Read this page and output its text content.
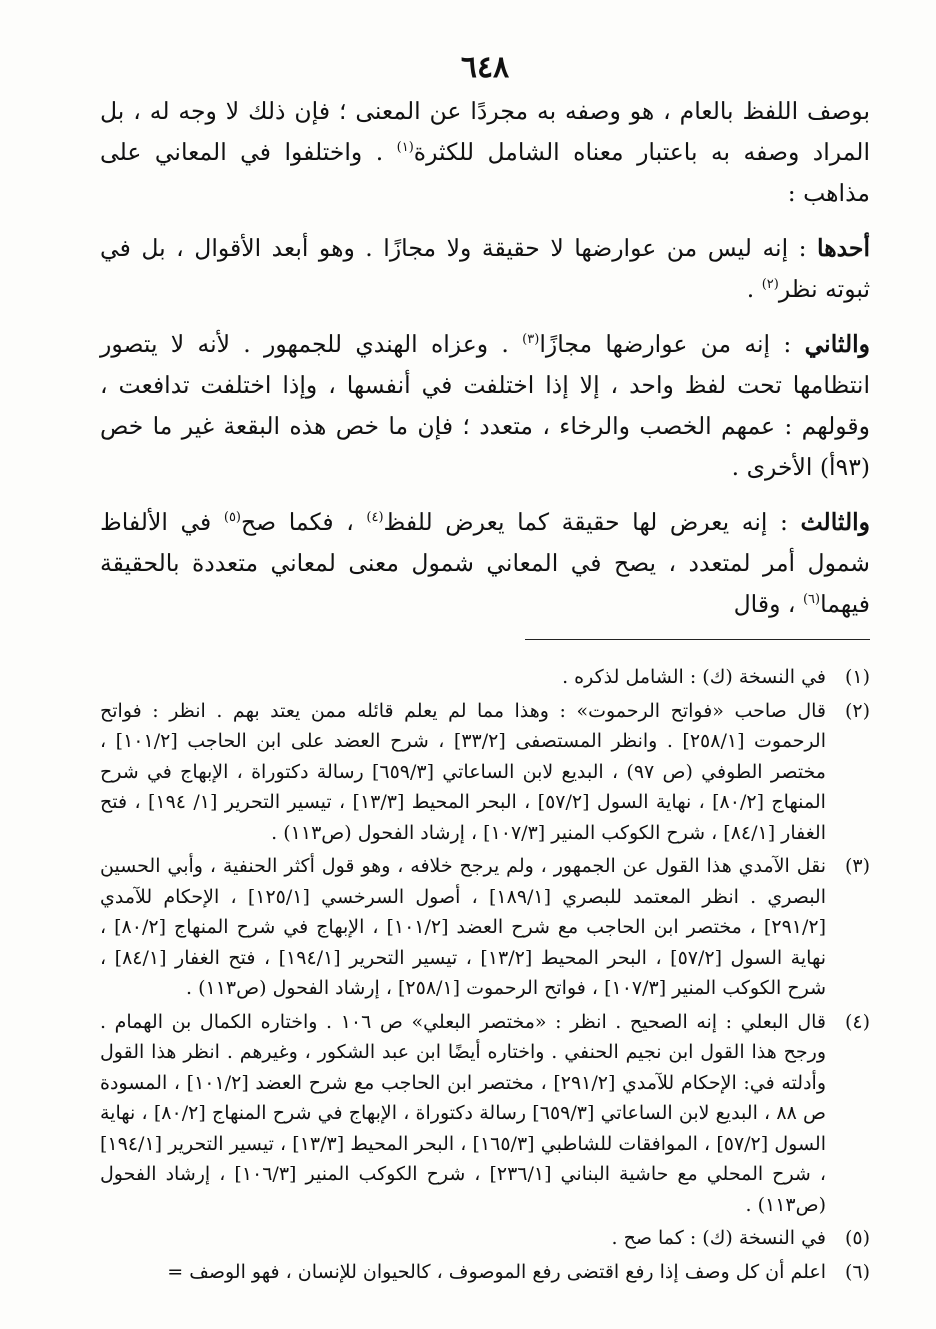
٦٤٨

بوصف اللفظ بالعام ، هو وصفه به مجردًا عن المعنى ؛ فإن ذلك لا وجه له ، بل المراد وصفه به باعتبار معناه الشامل للكثرة$^{(١)}$ . واختلفوا في المعاني على مذاهب :

أحدها : إنه ليس من عوارضها لا حقيقة ولا مجازًا . وهو أبعد الأقوال ، بل في ثبوته نظر$^{(٢)}$ .

والثاني : إنه من عوارضها مجازًا$^{(٣)}$ . وعزاه الهندي للجمهور . لأنه لا يتصور انتظامها تحت لفظ واحد ، إلا إذا اختلفت في أنفسها ، وإذا اختلفت تدافعت ، وقولهم : عمهم الخصب والرخاء ، متعدد ؛ فإن ما خص هذه البقعة غير ما خص (٩٣أ) الأخرى .

والثالث : إنه يعرض لها حقيقة كما يعرض للفظ$^{(٤)}$ ، فكما صح$^{(٥)}$ في الألفاظ شمول أمر لمتعدد ، يصح في المعاني شمول معنى لمعاني متعددة بالحقيقة فيهما$^{(٦)}$ ، وقال

(١)
في النسخة (ك) : الشامل لذكره .
(٢)
قال صاحب «فواتح الرحموت» : وهذا مما لم يعلم قائله ممن يعتد بهم . انظر : فواتح الرحموت [٢٥٨/١] . وانظر المستصفى [٣٣/٢] ، شرح العضد على ابن الحاجب [١٠١/٢] ، مختصر الطوفي (ص ٩٧) ، البديع لابن الساعاتي [٦٥٩/٣] رسالة دكتوراة ، الإبهاج في شرح المنهاج [٨٠/٢] ، نهاية السول [٥٧/٢] ، البحر المحيط [١٣/٣] ، تيسير التحرير [١/ ١٩٤] ، فتح الغفار [٨٤/١] ، شرح الكوكب المنير [١٠٧/٣] ، إرشاد الفحول (ص١١٣) .
(٣)
نقل الآمدي هذا القول عن الجمهور ، ولم يرجح خلافه ، وهو قول أكثر الحنفية ، وأبي الحسين البصري . انظر المعتمد للبصري [١٨٩/١] ، أصول السرخسي [١٢٥/١] ، الإحكام للآمدي [٢٩١/٢] ، مختصر ابن الحاجب مع شرح العضد [١٠١/٢] ، الإبهاج في شرح المنهاج [٨٠/٢] ، نهاية السول [٥٧/٢] ، البحر المحيط [١٣/٢] ، تيسير التحرير [١٩٤/١] ، فتح الغفار [٨٤/١] ، شرح الكوكب المنير [١٠٧/٣] ، فواتح الرحموت [٢٥٨/١] ، إرشاد الفحول (ص١١٣) .
(٤)
قال البعلي : إنه الصحيح . انظر : «مختصر البعلي» ص ١٠٦ . واختاره الكمال بن الهمام . ورجح هذا القول ابن نجيم الحنفي . واختاره أيضًا ابن عبد الشكور ، وغيرهم . انظر هذا القول وأدلته في: الإحكام للآمدي [٢٩١/٢] ، مختصر ابن الحاجب مع شرح العضد [١٠١/٢] ، المسودة ص ٨٨ ، البديع لابن الساعاتي [٦٥٩/٣] رسالة دكتوراة ، الإبهاج في شرح المنهاج [٨٠/٢] ، نهاية السول [٥٧/٢] ، الموافقات للشاطبي [١٦٥/٣] ، البحر المحيط [١٣/٣] ، تيسير التحرير [١٩٤/١] ، شرح المحلي مع حاشية البناني [٢٣٦/١] ، شرح الكوكب المنير [١٠٦/٣] ، إرشاد الفحول (ص١١٣) .
(٥)
في النسخة (ك) : كما صح .
(٦)
اعلم أن كل وصف إذا رفع اقتضى رفع الموصوف ، كالحيوان للإنسان ، فهو الوصف =
